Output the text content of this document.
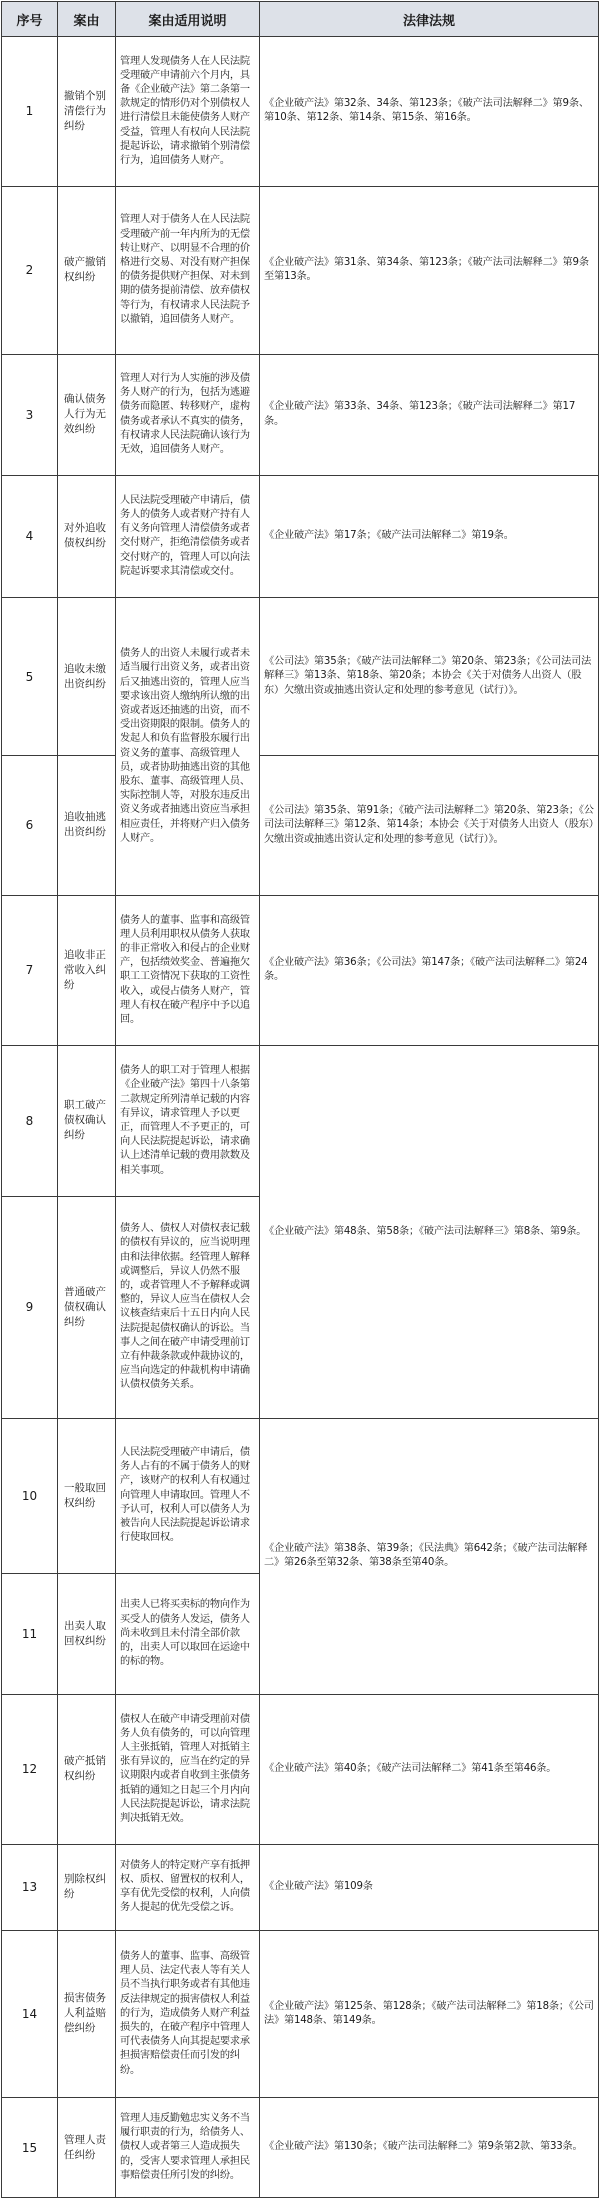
序号	案由	案由适用说明	法律法规
1	撤销个别清偿行为纠纷	管理人发现债务人在人民法院受理破产申请前六个月内，具备《企业破产法》第二条第一款规定的情形仍对个别债权人进行清偿且未能使债务人财产受益，管理人有权向人民法院提起诉讼，请求撤销个别清偿行为，追回债务人财产。	《企业破产法》第32条、34条、第123条；《破产法司法解释二》第9条、第10条、第12条、第14条、第15条、第16条。
2	破产撤销权纠纷	管理人对于债务人在人民法院受理破产前一年内所为的无偿转让财产、以明显不合理的价格进行交易、对没有财产担保的债务提供财产担保、对未到期的债务提前清偿、放弃债权等行为，有权请求人民法院予以撤销，追回债务人财产。	《企业破产法》第31条、第34条、第123条；《破产法司法解释二》第9条至第13条。
3	确认债务人行为无效纠纷	管理人对行为人实施的涉及债务人财产的行为，包括为逃避债务而隐匿、转移财产，虚构债务或者承认不真实的债务，有权请求人民法院确认该行为无效，追回债务人财产。	《企业破产法》第33条、34条、第123条；《破产法司法解释二》第17条。
4	对外追收债权纠纷	人民法院受理破产申请后，债务人的债务人或者财产持有人有义务向管理人清偿债务或者交付财产，拒绝清偿债务或者交付财产的，管理人可以向法院起诉要求其清偿或交付。	《企业破产法》第17条；《破产法司法解释二》第19条。
5	追收未缴出资纠纷	债务人的出资人未履行或者未适当履行出资义务，或者出资后又抽逃出资的，管理人应当要求该出资人缴纳所认缴的出资或者返还抽逃的出资，而不受出资期限的限制。债务人的发起人和负有监督股东履行出资义务的董事、高级管理人员，或者协助抽逃出资的其他股东、董事、高级管理人员、实际控制人等，对股东违反出资义务或者抽逃出资应当承担相应责任，并将财产归入债务人财产。	《公司法》第35条；《破产法司法解释二》第20条、第23条；《公司法司法解释三》第13条、第18条、第20条；本协会《关于对债务人出资人（股东）欠缴出资或抽逃出资认定和处理的参考意见（试行）》。
6	追收抽逃出资纠纷		《公司法》第35条、第91条；《破产法司法解释二》第20条、第23条；《公司法司法解释三》第12条、第14条；本协会《关于对债务人出资人（股东）欠缴出资或抽逃出资认定和处理的参考意见（试行）》。
7	追收非正常收入纠纷	债务人的董事、监事和高级管理人员利用职权从债务人获取的非正常收入和侵占的企业财产，包括绩效奖金、普遍拖欠职工工资情况下获取的工资性收入，或侵占债务人财产，管理人有权在破产程序中予以追回。	《企业破产法》第36条；《公司法》第147条；《破产法司法解释二》第24条。
8	职工破产债权确认纠纷	债务人的职工对于管理人根据《企业破产法》第四十八条第二款规定所列清单记载的内容有异议，请求管理人予以更正，而管理人不予更正的，可向人民法院提起诉讼，请求确认上述清单记载的费用款数及相关事项。	《企业破产法》第48条、第58条；《破产法司法解释三》第8条、第9条。
9	普通破产债权确认纠纷	债务人、债权人对债权表记载的债权有异议的，应当说明理由和法律依据。经管理人解释或调整后，异议人仍然不服的，或者管理人不予解释或调整的，异议人应当在债权人会议核查结束后十五日内向人民法院提起债权确认的诉讼。当事人之间在破产申请受理前订立有仲裁条款或仲裁协议的，应当向选定的仲裁机构申请确认债权债务关系。	
10	一般取回权纠纷	人民法院受理破产申请后，债务人占有的不属于债务人的财产，该财产的权利人有权通过向管理人申请取回。管理人不予认可，权利人可以债务人为被告向人民法院提起诉讼请求行使取回权。	《企业破产法》第38条、第39条；《民法典》第642条；《破产法司法解释二》第26条至第32条、第38条至第40条。
11	出卖人取回权纠纷	出卖人已将买卖标的物向作为买受人的债务人发运，债务人尚未收到且未付清全部价款的，出卖人可以取回在运途中的标的物。	
12	破产抵销权纠纷	债权人在破产申请受理前对债务人负有债务的，可以向管理人主张抵销，管理人对抵销主张有异议的，应当在约定的异议期限内或者自收到主张债务抵销的通知之日起三个月内向人民法院提起诉讼，请求法院判决抵销无效。	《企业破产法》第40条；《破产法司法解释二》第41条至第46条。
13	别除权纠纷	对债务人的特定财产享有抵押权、质权、留置权的权利人，享有优先受偿的权利，人向债务人提起的优先受偿之诉。	《企业破产法》第109条
14	损害债务人利益赔偿纠纷	债务人的董事、监事、高级管理人员、法定代表人等有关人员不当执行职务或者有其他违反法律规定的损害债权人利益的行为，造成债务人财产利益损失的，在破产程序中管理人可代表债务人向其提起要求承担损害赔偿责任而引发的纠纷。	《企业破产法》第125条、第128条；《破产法司法解释二》第18条；《公司法》第148条、第149条。
15	管理人责任纠纷	管理人违反勤勉忠实义务不当履行职责的行为，给债务人、债权人或者第三人造成损失的，受害人要求管理人承担民事赔偿责任所引发的纠纷。	《企业破产法》第130条；《破产法司法解释二》第9条第2款、第33条。
